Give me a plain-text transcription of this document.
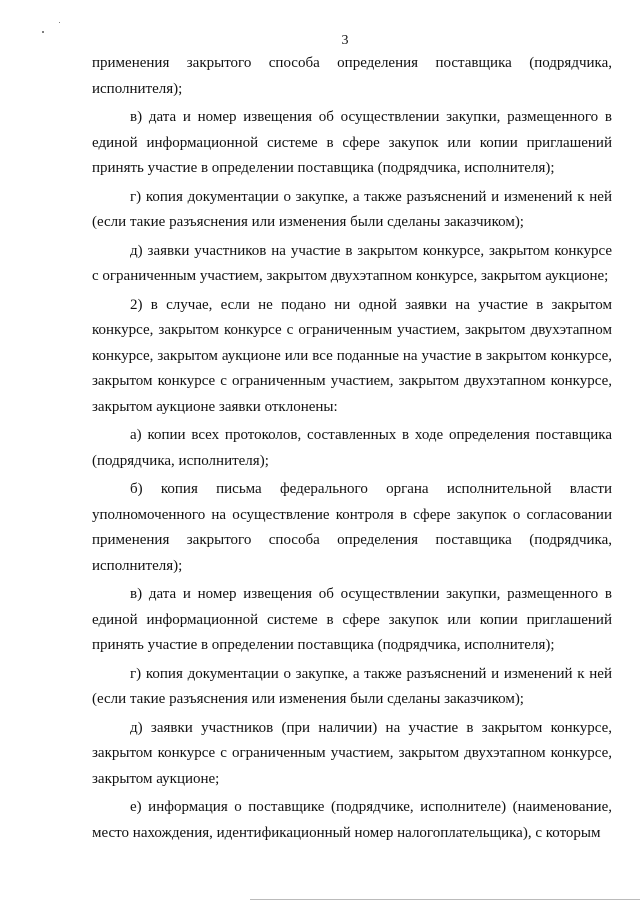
3

применения закрытого способа определения поставщика (подрядчика, исполнителя);

в) дата и номер извещения об осуществлении закупки, размещенного в единой информационной системе в сфере закупок или копии приглашений принять участие в определении поставщика (подрядчика, исполнителя);

г) копия документации о закупке, а также разъяснений и изменений к ней (если такие разъяснения или изменения были сделаны заказчиком);

д) заявки участников на участие в закрытом конкурсе, закрытом конкурсе с ограниченным участием, закрытом двухэтапном конкурсе, закрытом аукционе;

2) в случае, если не подано ни одной заявки на участие в закрытом конкурсе, закрытом конкурсе с ограниченным участием, закрытом двухэтапном конкурсе, закрытом аукционе или все поданные на участие в закрытом конкурсе, закрытом конкурсе с ограниченным участием, закрытом двухэтапном конкурсе, закрытом аукционе заявки отклонены:

а) копии всех протоколов, составленных в ходе определения поставщика (подрядчика, исполнителя);

б) копия письма федерального органа исполнительной власти уполномоченного на осуществление контроля в сфере закупок о согласовании применения закрытого способа определения поставщика (подрядчика, исполнителя);

в) дата и номер извещения об осуществлении закупки, размещенного в единой информационной системе в сфере закупок или копии приглашений принять участие в определении поставщика (подрядчика, исполнителя);

г) копия документации о закупке, а также разъяснений и изменений к ней (если такие разъяснения или изменения были сделаны заказчиком);

д) заявки участников (при наличии) на участие в закрытом конкурсе, закрытом конкурсе с ограниченным участием, закрытом двухэтапном конкурсе, закрытом аукционе;

е) информация о поставщике (подрядчике, исполнителе) (наименование, место нахождения, идентификационный номер налогоплательщика), с которым
